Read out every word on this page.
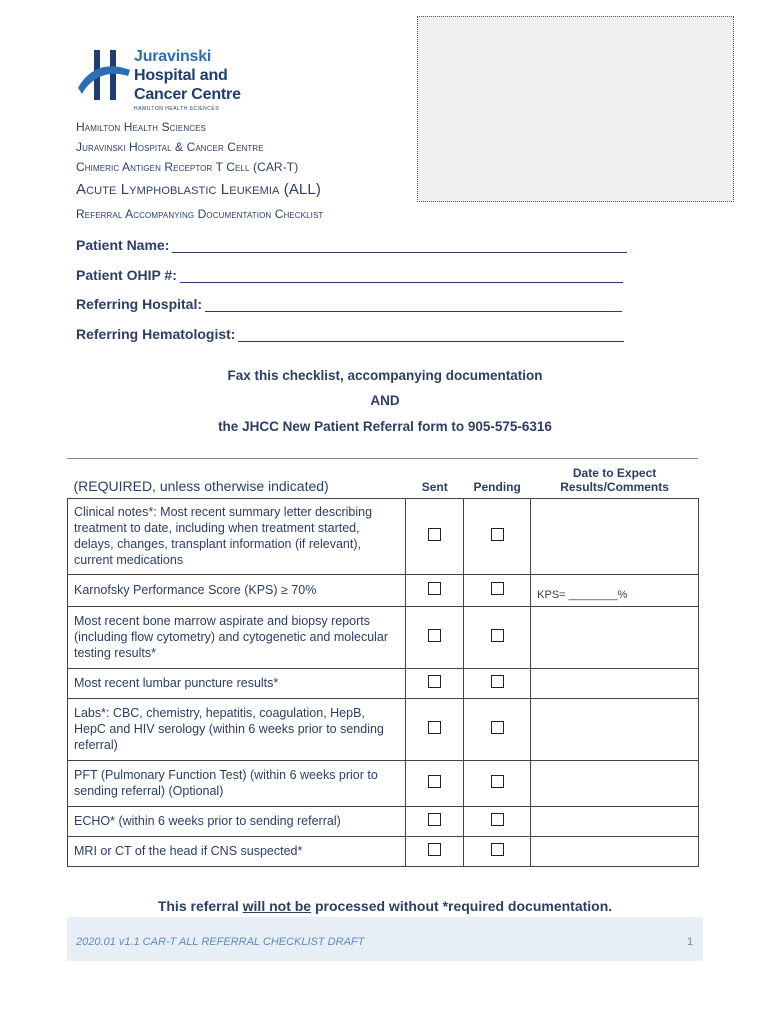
Juravinski
Hospital and
Cancer Centre
HAMILTON HEALTH SCIENCES
Hamilton Health Sciences
Juravinski Hospital & Cancer Centre
Chimeric Antigen Receptor T Cell (CAR-T)
Acute Lymphoblastic Leukemia (ALL)
Referral Accompanying Documentation Checklist
Patient Name:
Patient OHIP #:
Referring Hospital:
Referring Hematologist:
Fax this checklist, accompanying documentation
AND
the JHCC New Patient Referral form to 905-575-6316
(REQUIRED, unless otherwise indicated)	Sent	Pending	Date to Expect Results/Comments
Clinical notes*: Most recent summary letter describing treatment to date, including when treatment started, delays, changes, transplant information (if relevant), current medications			
Karnofsky Performance Score (KPS) ≥ 70%			KPS= ________%
Most recent bone marrow aspirate and biopsy reports (including flow cytometry) and cytogenetic and molecular testing results*			
Most recent lumbar puncture results*			
Labs*: CBC, chemistry, hepatitis, coagulation, HepB, HepC and HIV serology (within 6 weeks prior to sending referral)			
PFT (Pulmonary Function Test) (within 6 weeks prior to sending referral) (Optional)			
ECHO* (within 6 weeks prior to sending referral)			
MRI or CT of the head if CNS suspected*			
This referral will not be processed without *required documentation.
2020.01 v1.1 CAR-T ALL REFERRAL CHECKLIST DRAFT	1
